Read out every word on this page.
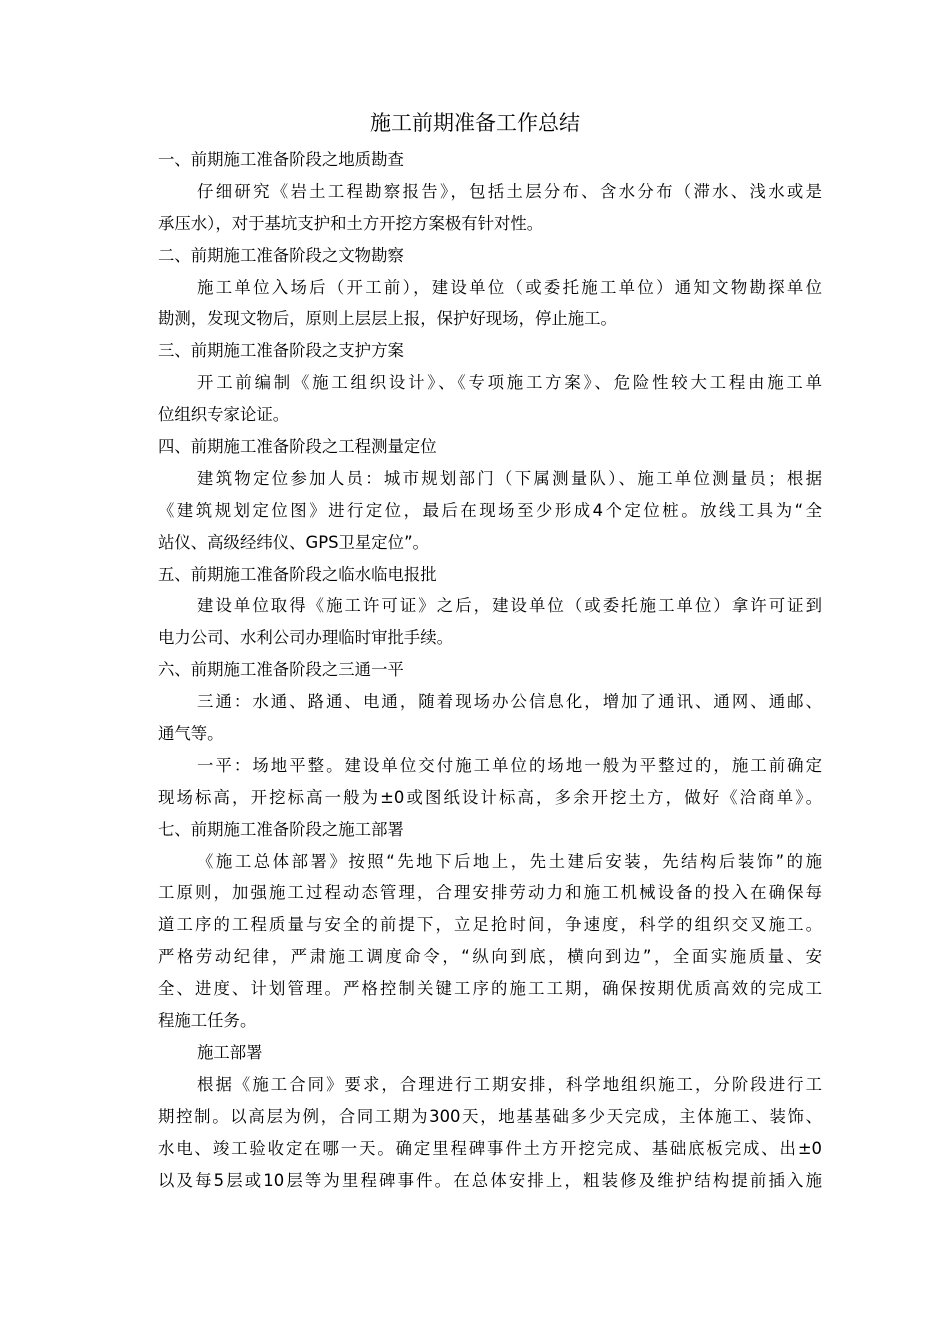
施工前期准备工作总结
一、前期施工准备阶段之地质勘查
仔细研究《岩土工程勘察报告》，包括土层分布、含水分布（滞水、浅水或是
承压水），对于基坑支护和土方开挖方案极有针对性。
二、前期施工准备阶段之文物勘察
施工单位入场后（开工前），建设单位（或委托施工单位）通知文物勘探单位
勘测，发现文物后，原则上层层上报，保护好现场，停止施工。
三、前期施工准备阶段之支护方案
开工前编制《施工组织设计》、《专项施工方案》、危险性较大工程由施工单
位组织专家论证。
四、前期施工准备阶段之工程测量定位
建筑物定位参加人员：城市规划部门（下属测量队）、施工单位测量员；根据
《建筑规划定位图》进行定位，最后在现场至少形成4个定位桩。放线工具为“全
站仪、高级经纬仪、GPS卫星定位”。
五、前期施工准备阶段之临水临电报批
建设单位取得《施工许可证》之后，建设单位（或委托施工单位）拿许可证到
电力公司、水利公司办理临时审批手续。
六、前期施工准备阶段之三通一平
三通：水通、路通、电通，随着现场办公信息化，增加了通讯、通网、通邮、
通气等。
一平：场地平整。建设单位交付施工单位的场地一般为平整过的，施工前确定
现场标高，开挖标高一般为±0或图纸设计标高，多余开挖土方，做好《洽商单》。
七、前期施工准备阶段之施工部署
《施工总体部署》按照“先地下后地上，先土建后安装，先结构后装饰”的施
工原则，加强施工过程动态管理，合理安排劳动力和施工机械设备的投入在确保每
道工序的工程质量与安全的前提下，立足抢时间，争速度，科学的组织交叉施工。
严格劳动纪律，严肃施工调度命令，“纵向到底，横向到边”，全面实施质量、安
全、进度、计划管理。严格控制关键工序的施工工期，确保按期优质高效的完成工
程施工任务。
施工部署
根据《施工合同》要求，合理进行工期安排，科学地组织施工，分阶段进行工
期控制。以高层为例，合同工期为300天，地基基础多少天完成，主体施工、装饰、
水电、竣工验收定在哪一天。确定里程碑事件土方开挖完成、基础底板完成、出±0
以及每5层或10层等为里程碑事件。在总体安排上，粗装修及维护结构提前插入施
